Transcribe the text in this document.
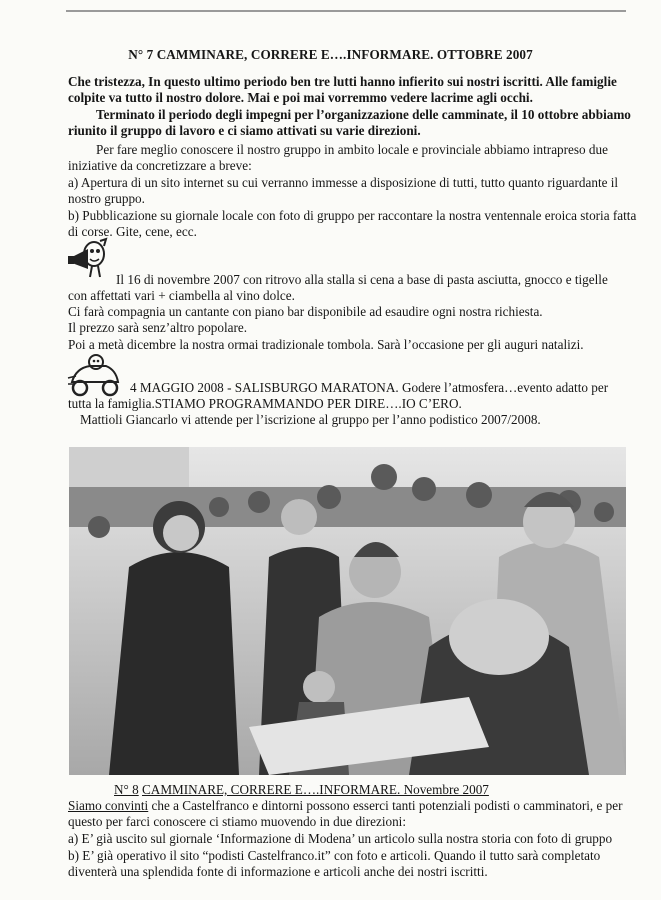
N° 7 CAMMINARE, CORRERE E….INFORMARE. OTTOBRE 2007

Che tristezza, In questo ultimo periodo ben tre lutti hanno infierito sui nostri iscritti. Alle famiglie colpite va tutto il nostro dolore. Mai e poi mai vorremmo vedere lacrime agli occhi.

Terminato il periodo degli impegni per l’organizzazione delle camminate, il 10 ottobre abbiamo riunito il gruppo di lavoro e ci siamo attivati su varie direzioni.

Per fare meglio conoscere il nostro gruppo in ambito locale e provinciale abbiamo intrapreso due iniziative da concretizzare a breve:

a) Apertura di un sito internet su cui verranno immesse a disposizione di tutti, tutto quanto riguardante il nostro gruppo.

b) Pubblicazione su giornale locale con foto di gruppo per raccontare la nostra ventennale eroica storia fatta di corse. Gite, cene, ecc.

Il 16 di novembre 2007 con ritrovo alla stalla si cena a base di pasta asciutta, gnocco e tigelle

con affettati vari + ciambella al vino dolce.

Ci farà compagnia un cantante con piano bar disponibile ad esaudire ogni nostra richiesta.

Il prezzo sarà senz’altro popolare.

Poi a metà dicembre la nostra ormai tradizionale tombola. Sarà l’occasione per gli auguri natalizi.

4 MAGGIO 2008 - SALISBURGO MARATONA. Godere l’atmosfera…evento adatto per

tutta la famiglia.STIAMO PROGRAMMANDO PER DIRE….IO C’ERO.

Mattioli Giancarlo vi attende per l’iscrizione al gruppo per l’anno podistico 2007/2008.

N° 8 CAMMINARE, CORRERE E….INFORMARE. Novembre 2007

Siamo convinti che a Castelfranco e dintorni possono esserci tanti potenziali podisti o camminatori, e per questo per farci conoscere ci stiamo muovendo in due direzioni:

a) E’ già uscito sul giornale ‘Informazione di Modena’ un articolo sulla nostra storia con foto di gruppo

b) E’ già operativo il sito “podisti Castelfranco.it” con foto e articoli. Quando il tutto sarà completato diventerà una splendida fonte di informazione e articoli anche dei nostri iscritti.
